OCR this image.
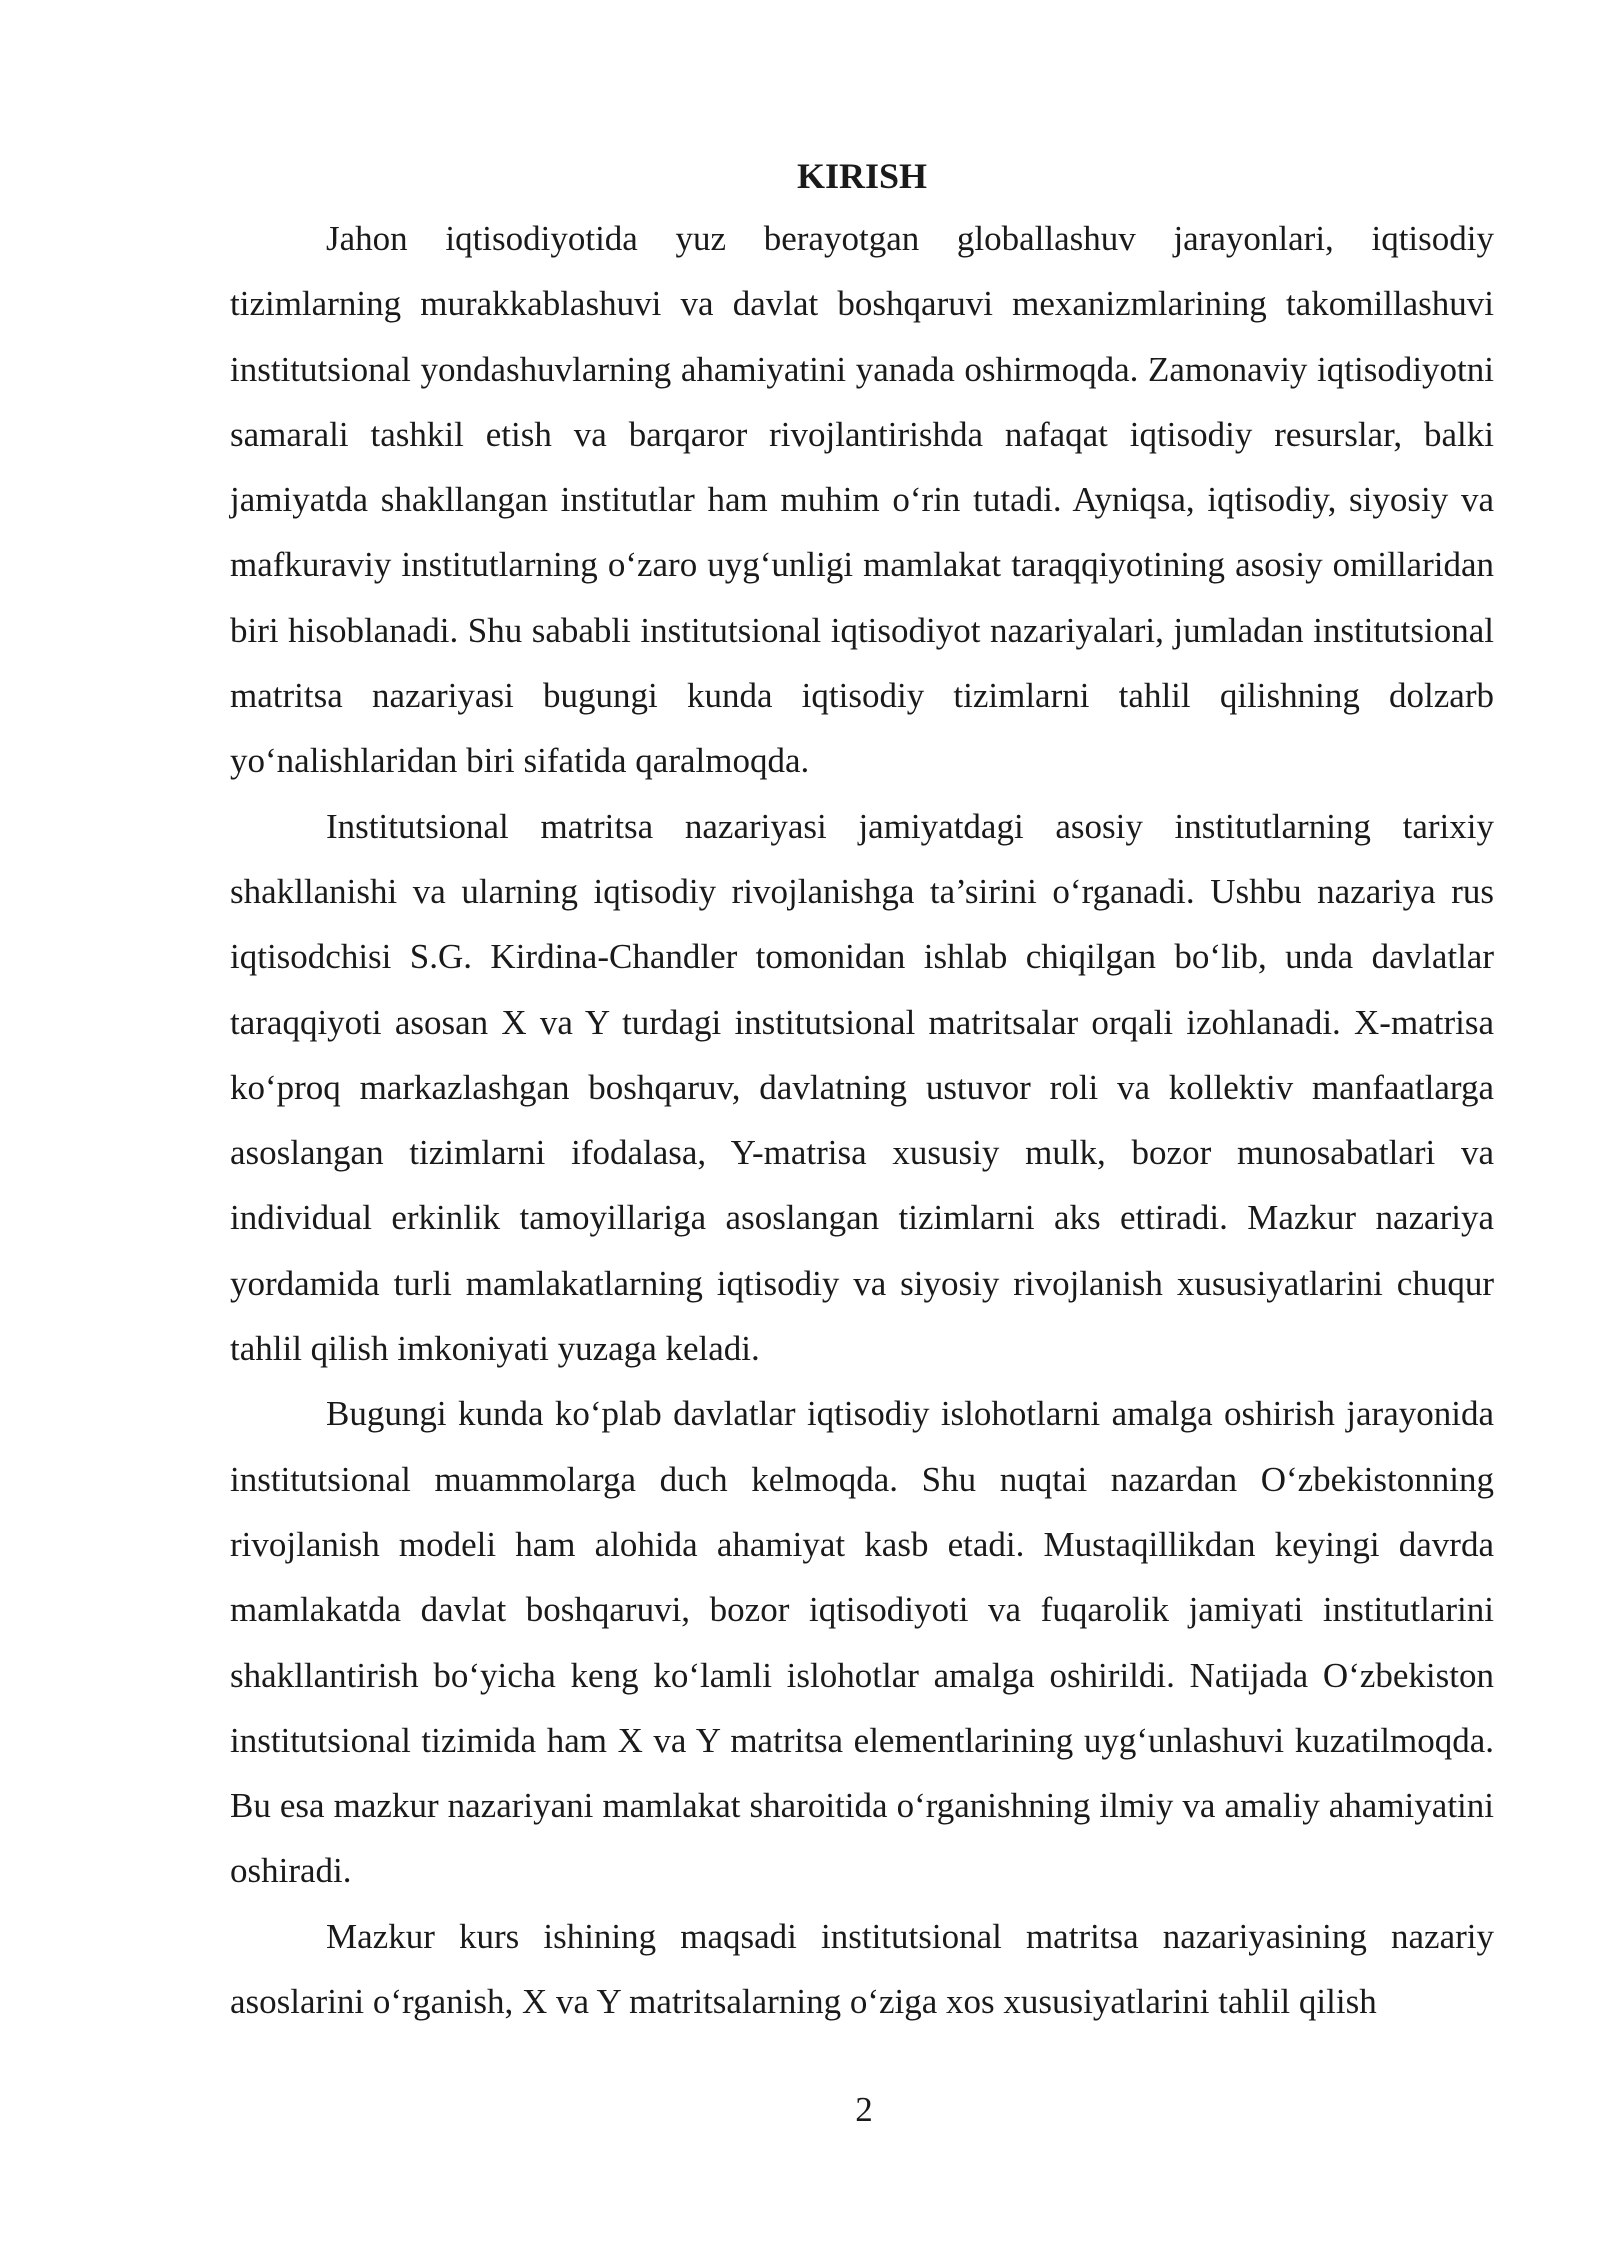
KIRISH

Jahon iqtisodiyotida yuz berayotgan globallashuv jarayonlari, iqtisodiy tizimlarning murakkablashuvi va davlat boshqaruvi mexanizmlarining takomillashuvi institutsional yondashuvlarning ahamiyatini yanada oshirmoqda. Zamonaviy iqtisodiyotni samarali tashkil etish va barqaror rivojlantirishda nafaqat iqtisodiy resurslar, balki jamiyatda shakllangan institutlar ham muhim o‘rin tutadi. Ayniqsa, iqtisodiy, siyosiy va mafkuraviy institutlarning o‘zaro uyg‘unligi mamlakat taraqqiyotining asosiy omillaridan biri hisoblanadi. Shu sababli institutsional iqtisodiyot nazariyalari, jumladan institutsional matritsa nazariyasi bugungi kunda iqtisodiy tizimlarni tahlil qilishning dolzarb yo‘nalishlaridan biri sifatida qaralmoqda.

Institutsional matritsa nazariyasi jamiyatdagi asosiy institutlarning tarixiy shakllanishi va ularning iqtisodiy rivojlanishga ta’sirini o‘rganadi. Ushbu nazariya rus iqtisodchisi S.G. Kirdina-Chandler tomonidan ishlab chiqilgan bo‘lib, unda davlatlar taraqqiyoti asosan X va Y turdagi institutsional matritsalar orqali izohlanadi. X-matrisa ko‘proq markazlashgan boshqaruv, davlatning ustuvor roli va kollektiv manfaatlarga asoslangan tizimlarni ifodalasa, Y-matrisa xususiy mulk, bozor munosabatlari va individual erkinlik tamoyillariga asoslangan tizimlarni aks ettiradi. Mazkur nazariya yordamida turli mamlakatlarning iqtisodiy va siyosiy rivojlanish xususiyatlarini chuqur tahlil qilish imkoniyati yuzaga keladi.

Bugungi kunda ko‘plab davlatlar iqtisodiy islohotlarni amalga oshirish jarayonida institutsional muammolarga duch kelmoqda. Shu nuqtai nazardan O‘zbekistonning rivojlanish modeli ham alohida ahamiyat kasb etadi. Mustaqillikdan keyingi davrda mamlakatda davlat boshqaruvi, bozor iqtisodiyoti va fuqarolik jamiyati institutlarini shakllantirish bo‘yicha keng ko‘lamli islohotlar amalga oshirildi. Natijada O‘zbekiston institutsional tizimida ham X va Y matritsa elementlarining uyg‘unlashuvi kuzatilmoqda. Bu esa mazkur nazariyani mamlakat sharoitida o‘rganishning ilmiy va amaliy ahamiyatini oshiradi.

Mazkur kurs ishining maqsadi institutsional matritsa nazariyasining nazariy asoslarini o‘rganish, X va Y matritsalarning o‘ziga xos xususiyatlarini tahlil qilish

2
